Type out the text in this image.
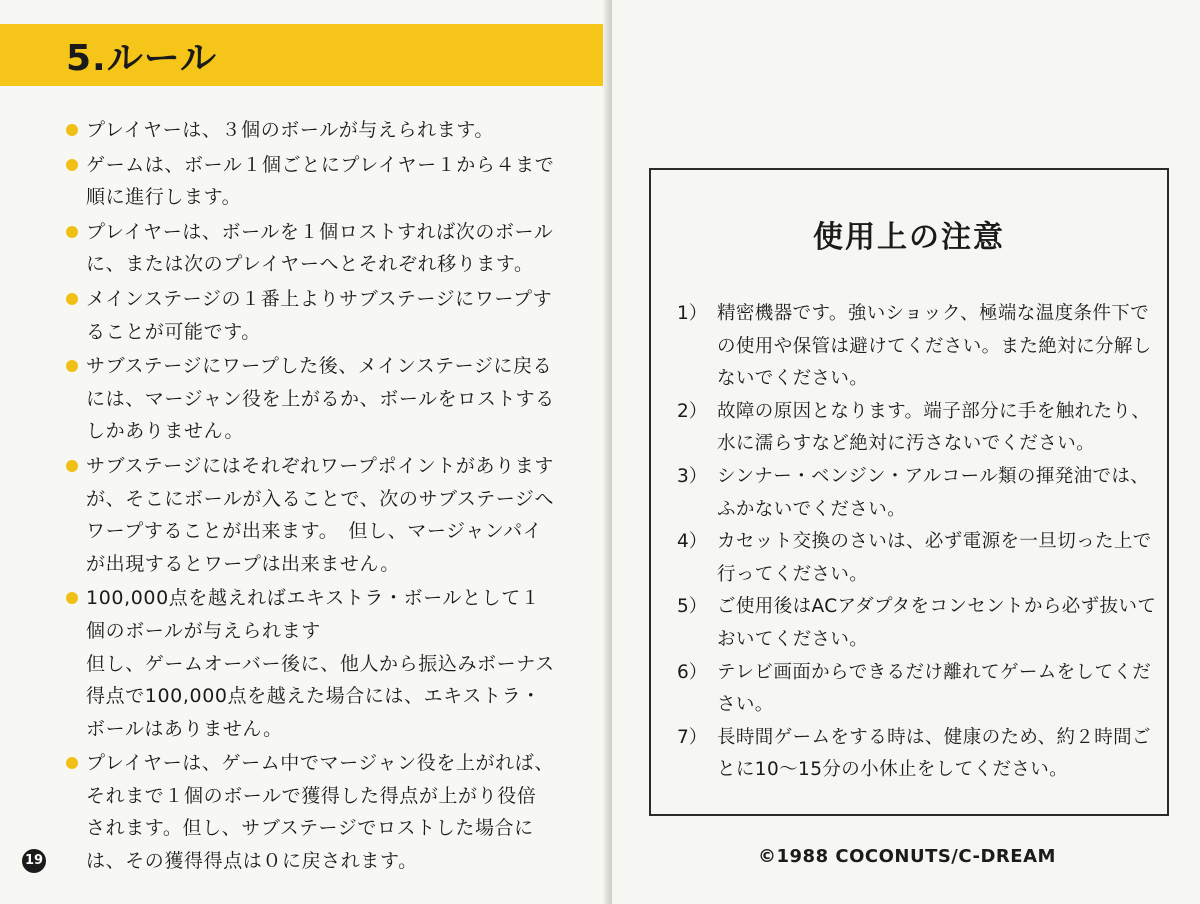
5.ルール

プレイヤーは、３個のボールが与えられます。

ゲームは、ボール１個ごとにプレイヤー１から４まで順に進行します。

プレイヤーは、ボールを１個ロストすれば次のボールに、または次のプレイヤーへとそれぞれ移ります。

メインステージの１番上よりサブステージにワープすることが可能です。

サブステージにワープした後、メインステージに戻るには、マージャン役を上がるか、ボールをロストするしかありません。

サブステージにはそれぞれワープポイントがありますが、そこにボールが入ることで、次のサブステージへワープすることが出来ます。　但し、マージャンパイが出現するとワープは出来ません。

100,000点を越えればエキストラ・ボールとして１個のボールが与えられます

但し、ゲームオーバー後に、他人から振込みボーナス得点で100,000点を越えた場合には、エキストラ・ボールはありません。

プレイヤーは、ゲーム中でマージャン役を上がれば、それまで１個のボールで獲得した得点が上がり役倍されます。但し、サブステージでロストした場合には、その獲得得点は０に戻されます。

19
使用上の注意
1） 精密機器です。強いショック、極端な温度条件下での使用や保管は避けてください。また絶対に分解しないでください。
2） 故障の原因となります。端子部分に手を触れたり、水に濡らすなど絶対に汚さないでください。
3） シンナー・ベンジン・アルコール類の揮発油では、ふかないでください。
4） カセット交換のさいは、必ず電源を一旦切った上で行ってください。
5） ご使用後はACアダプタをコンセントから必ず抜いておいてください。
6） テレビ画面からできるだけ離れてゲームをしてください。
7） 長時間ゲームをする時は、健康のため、約２時間ごとに10～15分の小休止をしてください。

©1988 COCONUTS/C-DREAM
